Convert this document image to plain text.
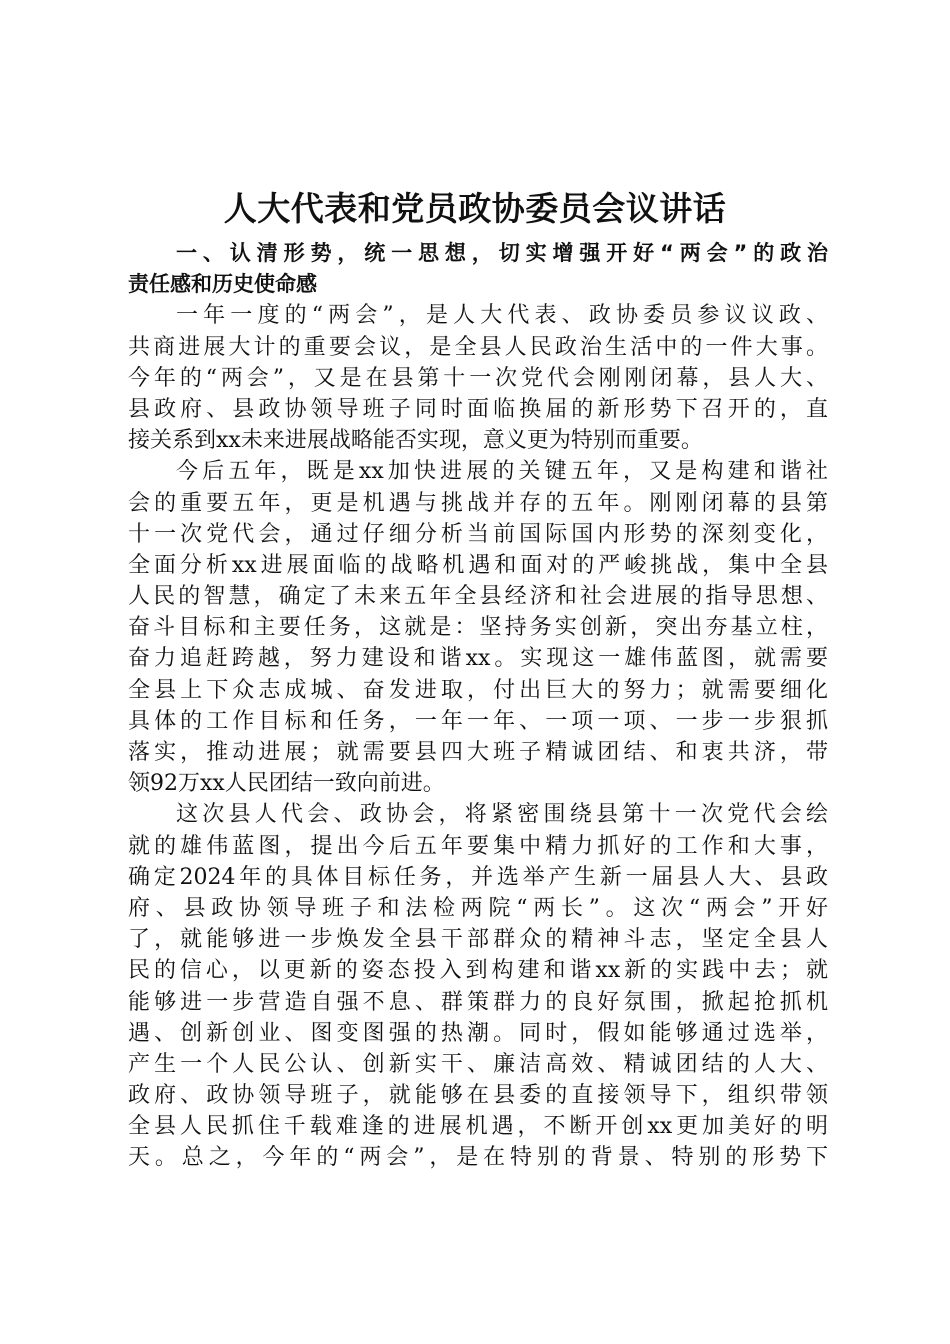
人大代表和党员政协委员会议讲话
一、认清形势，统一思想，切实增强开好“两会”的政治
责任感和历史使命感
一年一度的“两会”，是人大代表、政协委员参议议政、
共商进展大计的重要会议，是全县人民政治生活中的一件大事。
今年的“两会”，又是在县第十一次党代会刚刚闭幕，县人大、
县政府、县政协领导班子同时面临换届的新形势下召开的，直
接关系到xx未来进展战略能否实现，意义更为特别而重要。
今后五年，既是xx加快进展的关键五年，又是构建和谐社
会的重要五年，更是机遇与挑战并存的五年。刚刚闭幕的县第
十一次党代会，通过仔细分析当前国际国内形势的深刻变化，
全面分析xx进展面临的战略机遇和面对的严峻挑战，集中全县
人民的智慧，确定了未来五年全县经济和社会进展的指导思想、
奋斗目标和主要任务，这就是：坚持务实创新，突出夯基立柱，
奋力追赶跨越，努力建设和谐xx。实现这一雄伟蓝图，就需要
全县上下众志成城、奋发进取，付出巨大的努力；就需要细化
具体的工作目标和任务，一年一年、一项一项、一步一步狠抓
落实，推动进展；就需要县四大班子精诚团结、和衷共济，带
领92万xx人民团结一致向前进。
这次县人代会、政协会，将紧密围绕县第十一次党代会绘
就的雄伟蓝图，提出今后五年要集中精力抓好的工作和大事，
确定2024年的具体目标任务，并选举产生新一届县人大、县政
府、县政协领导班子和法检两院“两长”。这次“两会”开好
了，就能够进一步焕发全县干部群众的精神斗志，坚定全县人
民的信心，以更新的姿态投入到构建和谐xx新的实践中去；就
能够进一步营造自强不息、群策群力的良好氛围，掀起抢抓机
遇、创新创业、图变图强的热潮。同时，假如能够通过选举，
产生一个人民公认、创新实干、廉洁高效、精诚团结的人大、
政府、政协领导班子，就能够在县委的直接领导下，组织带领
全县人民抓住千载难逢的进展机遇，不断开创xx更加美好的明
天。总之，今年的“两会”，是在特别的背景、特别的形势下
